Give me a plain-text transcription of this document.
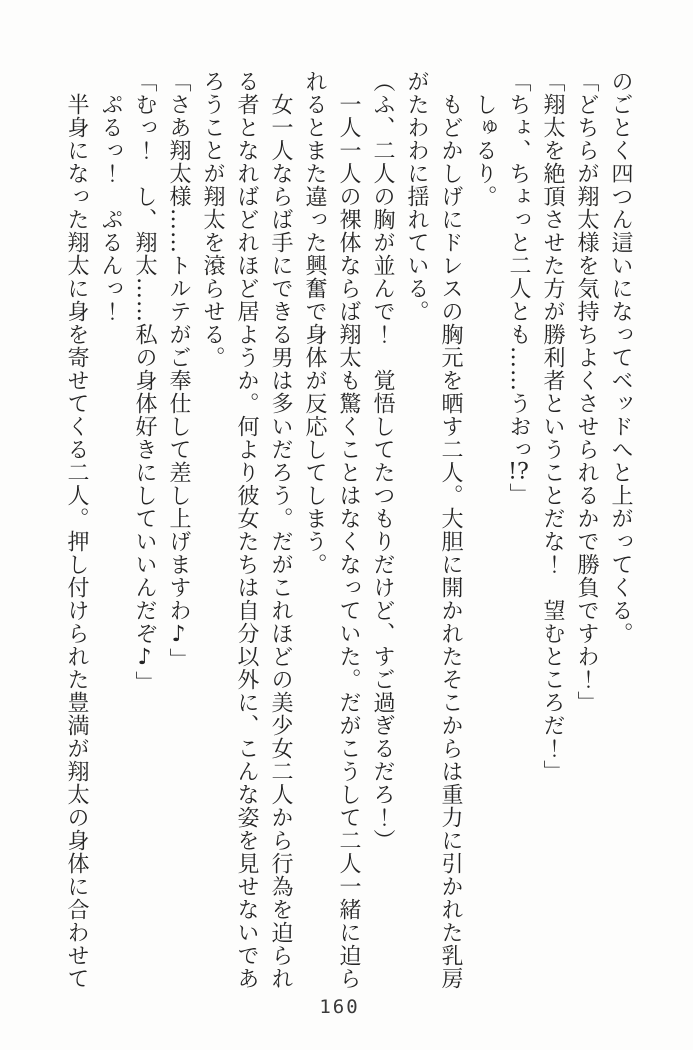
のごとく四つん這いになってベッドへと上がってくる。

「どちらが翔太様を気持ちよくさせられるかで勝負ですわ！」

「翔太を絶頂させた方が勝利者ということだな！　望むところだ！」

「ちょ、ちょっと二人とも……うおっ!?」

しゅるり。

もどかしげにドレスの胸元を晒す二人。大胆に開かれたそこからは重力に引かれた乳房

がたわわに揺れている。

（ふ、二人の胸が並んで！　覚悟してたつもりだけど、すご過ぎるだろ！）

一人一人の裸体ならば翔太も驚くことはなくなっていた。だがこうして二人一緒に迫ら

れるとまた違った興奮で身体が反応してしまう。

女一人ならば手にできる男は多いだろう。だがこれほどの美少女二人から行為を迫られ

る者となればどれほど居ようか。何より彼女たちは自分以外に、こんな姿を見せないであ

ろうことが翔太を滾らせる。

「さあ翔太様……トルテがご奉仕して差し上げますわ♪」

「むっ！　し、翔太……私の身体好きにしていいんだぞ♪」

ぷるっ！　ぷるんっ！

半身になった翔太に身を寄せてくる二人。押し付けられた豊満が翔太の身体に合わせて

160
